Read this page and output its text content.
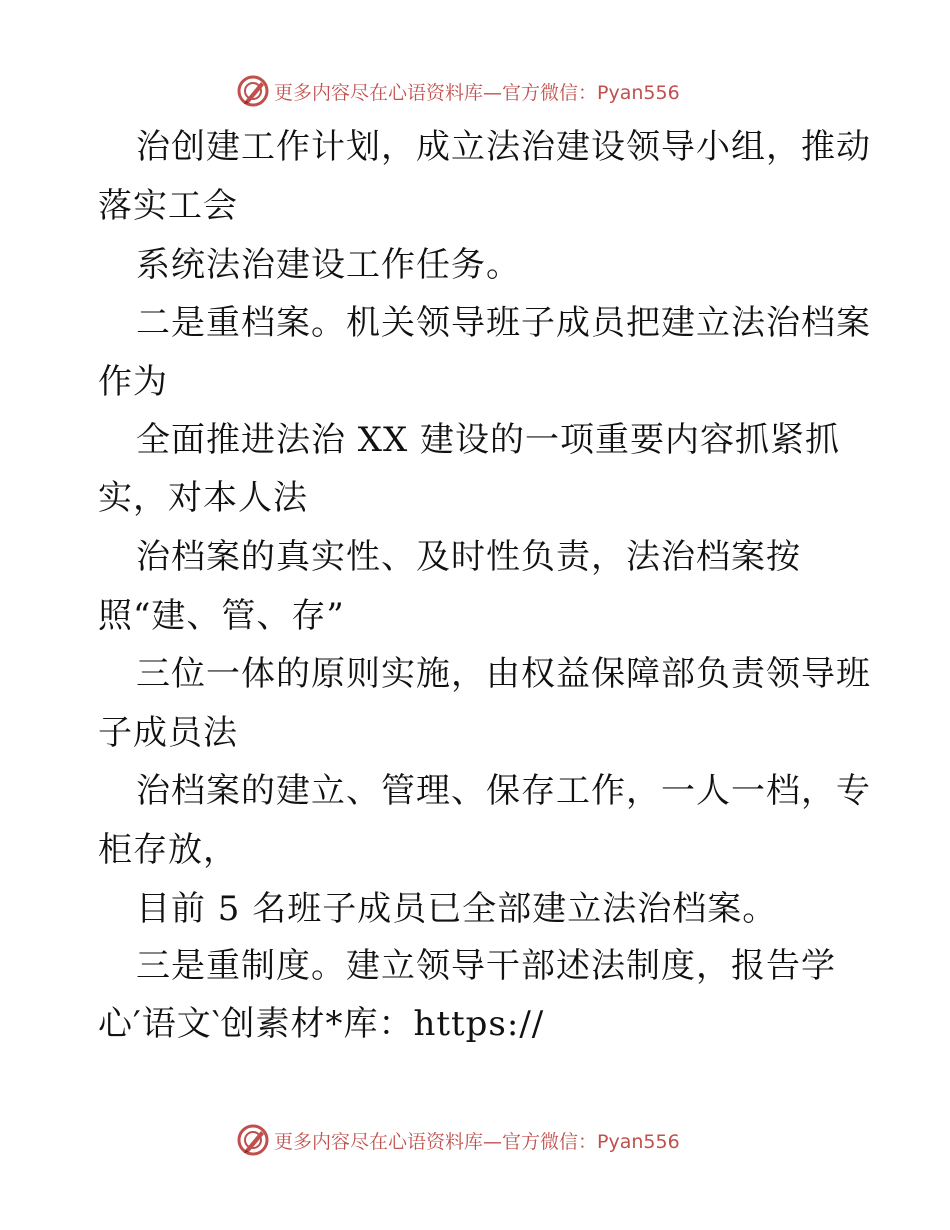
更多内容尽在心语资料库—官方微信：Pyan556
治创建工作计划，成立法治建设领导小组，推动
落实工会
系统法治建设工作任务。
二是重档案。机关领导班子成员把建立法治档案
作为
全面推进法治 XX 建设的一项重要内容抓紧抓
实，对本人法
治档案的真实性、及时性负责，法治档案按
照“建、管、存”
三位一体的原则实施，由权益保障部负责领导班
子成员法
治档案的建立、管理、保存工作，一人一档，专
柜存放，
目前 5 名班子成员已全部建立法治档案。
三是重制度。建立领导干部述法制度，报告学
心′语文‵创素材*库：https://
更多内容尽在心语资料库—官方微信：Pyan556
